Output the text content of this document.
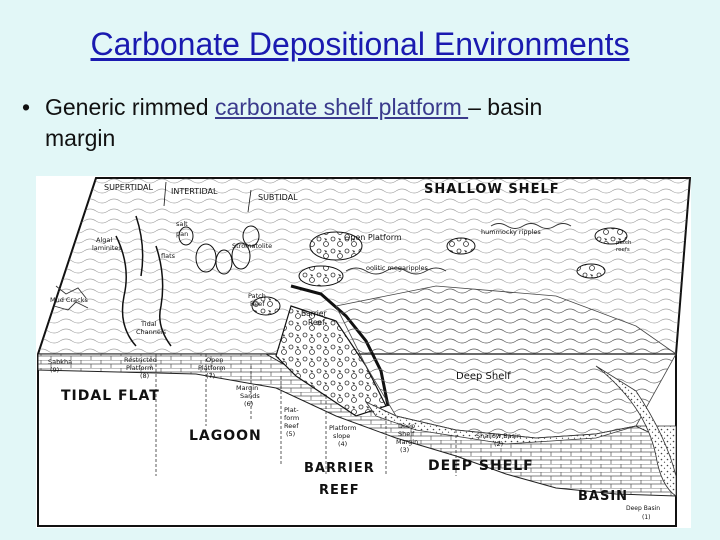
Carbonate Depositional Environments
• Generic rimmed carbonate shelf platform – basin
margin
SUPERTIDAL INTERTIDAL
SUBTIDAL
SHALLOW SHELF
TIDAL FLAT
LAGOON
BARRIER
REEF
DEEP SHELF
BASIN
salt
pan
Algal
laminites
flats
Stromatolite
Mud Cracks
Tidal
Channels
Patch
Reef
Open Platform
oolitic megaripples
hummocky ripples
patch
reefs
Barrier
Reef
Deep Shelf
Sabkha
(9)
Restricted
Platform
(8)
Open
Platform
(7)
Margin
Sands
(6)
Plat-
form
Reef
(5)
Platform
slope
(4)
Deep
Shelf
Margin
(3)
Shallow Basin
(2)
Deep Basin
(1)
